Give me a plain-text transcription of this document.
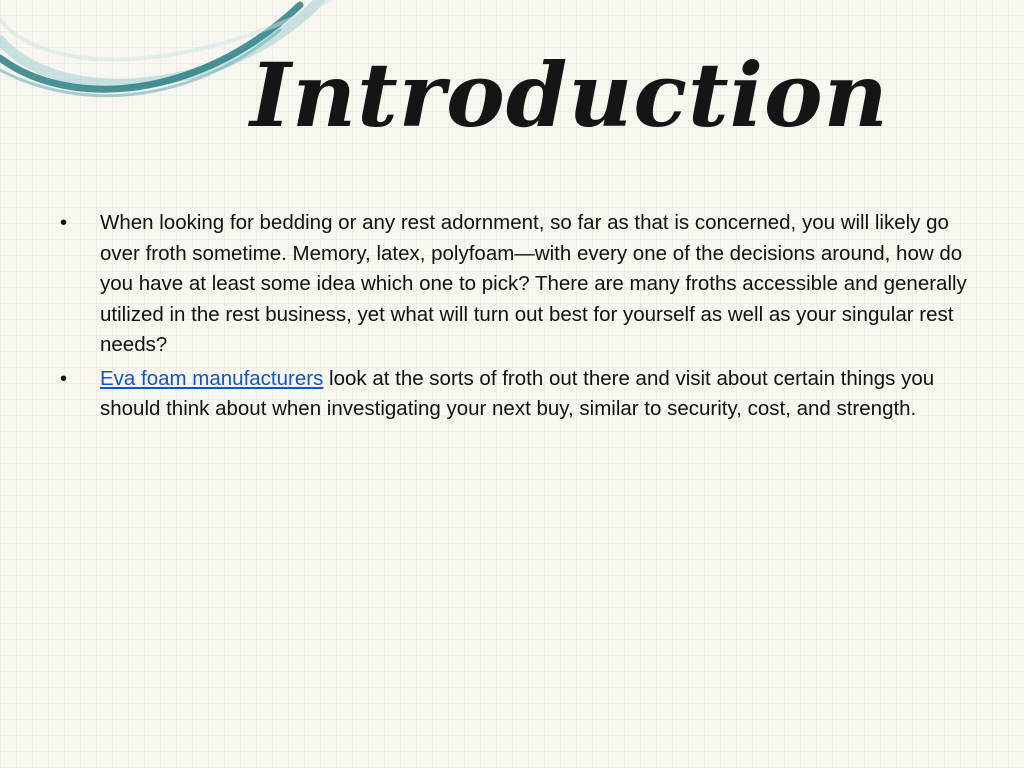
Introduction
•	When looking for bedding or any rest adornment, so far as that is concerned, you will likely go over froth sometime. Memory, latex, polyfoam—with every one of the decisions around, how do you have at least some idea which one to pick? There are many froths accessible and generally utilized in the rest business, yet what will turn out best for yourself as well as your singular rest needs?
•	Eva foam manufacturers look at the sorts of froth out there and visit about certain things you should think about when investigating your next buy, similar to security, cost, and strength.
